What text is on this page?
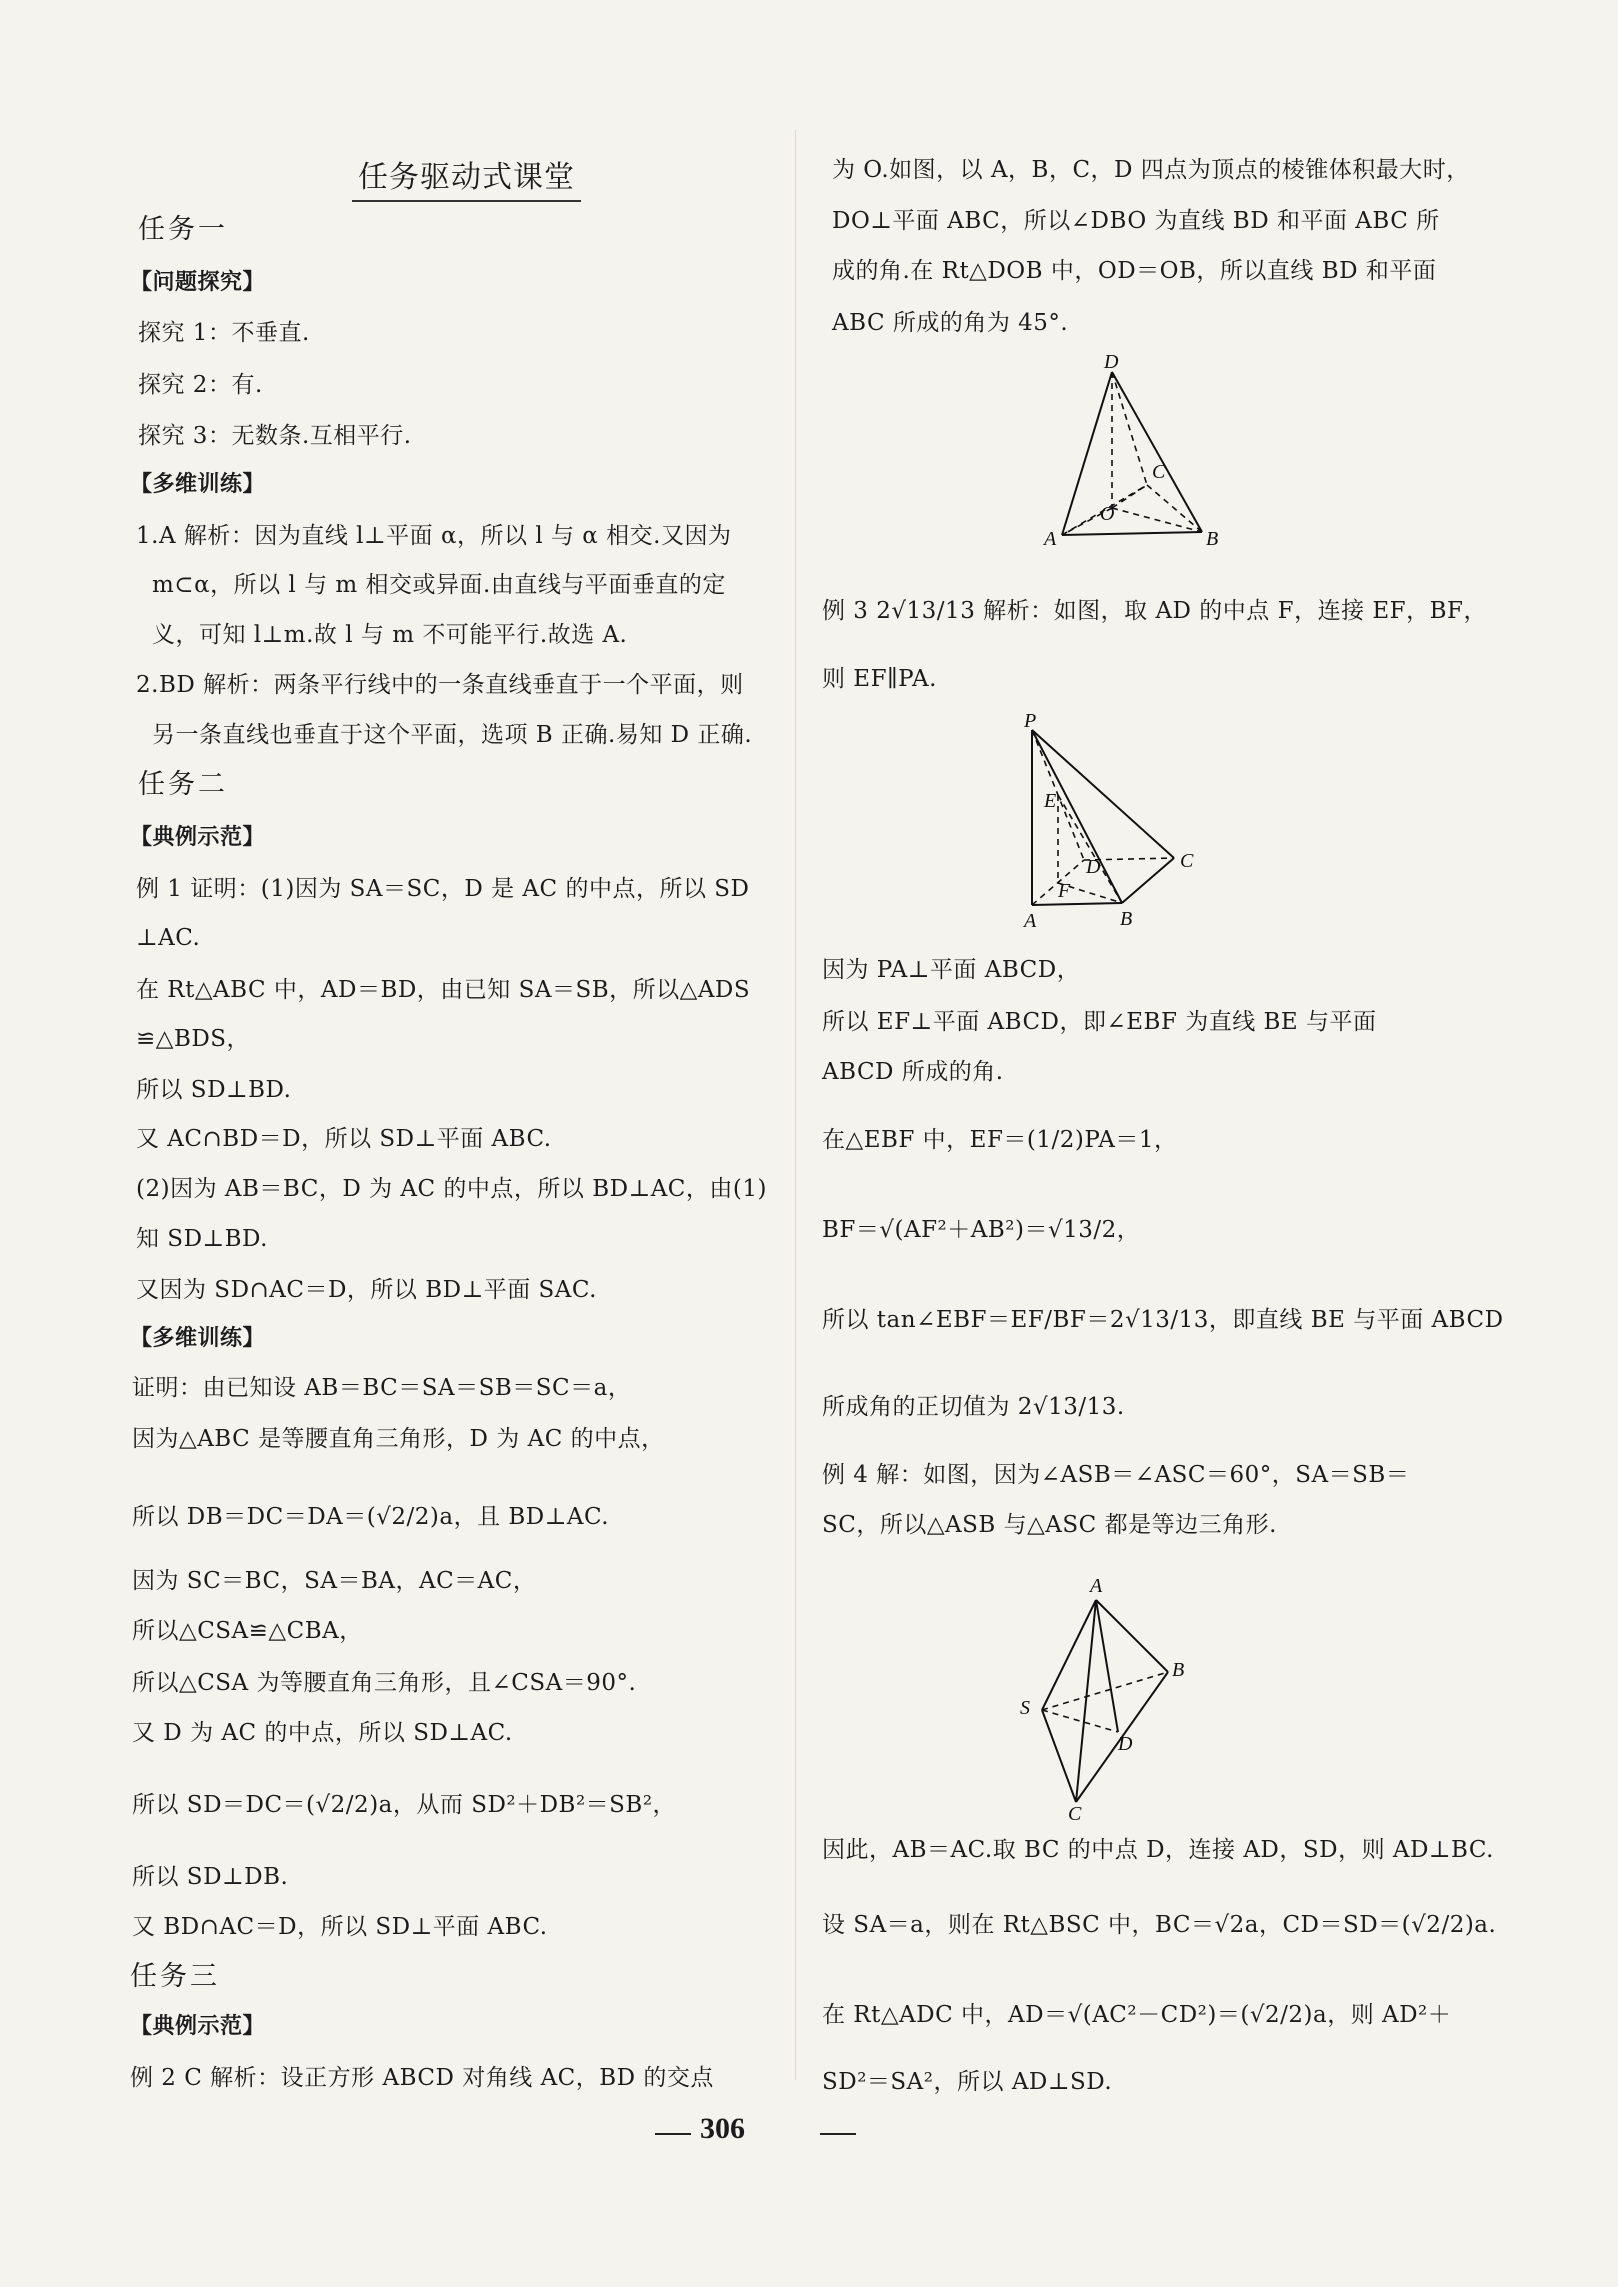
任务驱动式课堂
任务一
【问题探究】
探究 1：不垂直.
探究 2：有.
探究 3：无数条.互相平行.
【多维训练】
1.A 解析：因为直线 l⊥平面 α，所以 l 与 α 相交.又因为
m⊂α，所以 l 与 m 相交或异面.由直线与平面垂直的定
义，可知 l⊥m.故 l 与 m 不可能平行.故选 A.
2.BD 解析：两条平行线中的一条直线垂直于一个平面，则
另一条直线也垂直于这个平面，选项 B 正确.易知 D 正确.
任务二
【典例示范】
例 1 证明：(1)因为 SA＝SC，D 是 AC 的中点，所以 SD
⊥AC.
在 Rt△ABC 中，AD＝BD，由已知 SA＝SB，所以△ADS
≌△BDS，
所以 SD⊥BD.
又 AC∩BD＝D，所以 SD⊥平面 ABC.
(2)因为 AB＝BC，D 为 AC 的中点，所以 BD⊥AC，由(1)
知 SD⊥BD.
又因为 SD∩AC＝D，所以 BD⊥平面 SAC.
【多维训练】
证明：由已知设 AB＝BC＝SA＝SB＝SC＝a，
因为△ABC 是等腰直角三角形，D 为 AC 的中点，
所以 DB＝DC＝DA＝(√2/2)a，且 BD⊥AC.
因为 SC＝BC，SA＝BA，AC＝AC，
所以△CSA≌△CBA，
所以△CSA 为等腰直角三角形，且∠CSA＝90°.
又 D 为 AC 的中点，所以 SD⊥AC.
所以 SD＝DC＝(√2/2)a，从而 SD²＋DB²＝SB²，
所以 SD⊥DB.
又 BD∩AC＝D，所以 SD⊥平面 ABC.
任务三
【典例示范】
例 2 C 解析：设正方形 ABCD 对角线 AC，BD 的交点
为 O.如图，以 A，B，C，D 四点为顶点的棱锥体积最大时，
DO⊥平面 ABC，所以∠DBO 为直线 BD 和平面 ABC 所
成的角.在 Rt△DOB 中，OD＝OB，所以直线 BD 和平面
ABC 所成的角为 45°.
例 3 2√13/13 解析：如图，取 AD 的中点 F，连接 EF，BF，
则 EF∥PA.
因为 PA⊥平面 ABCD，
所以 EF⊥平面 ABCD，即∠EBF 为直线 BE 与平面
ABCD 所成的角.
在△EBF 中，EF＝(1/2)PA＝1，
BF＝√(AF²＋AB²)＝√13/2，
所以 tan∠EBF＝EF/BF＝2√13/13，即直线 BE 与平面 ABCD
所成角的正切值为 2√13/13.
例 4 解：如图，因为∠ASB＝∠ASC＝60°，SA＝SB＝
SC，所以△ASB 与△ASC 都是等边三角形.
因此，AB＝AC.取 BC 的中点 D，连接 AD，SD，则 AD⊥BC.
设 SA＝a，则在 Rt△BSC 中，BC＝√2a，CD＝SD＝(√2/2)a.
在 Rt△ADC 中，AD＝√(AC²－CD²)＝(√2/2)a，则 AD²＋
SD²＝SA²，所以 AD⊥SD.
D
C
O
A	B
P
E
D	C
F
A	B
A
B
S
D
C
306
